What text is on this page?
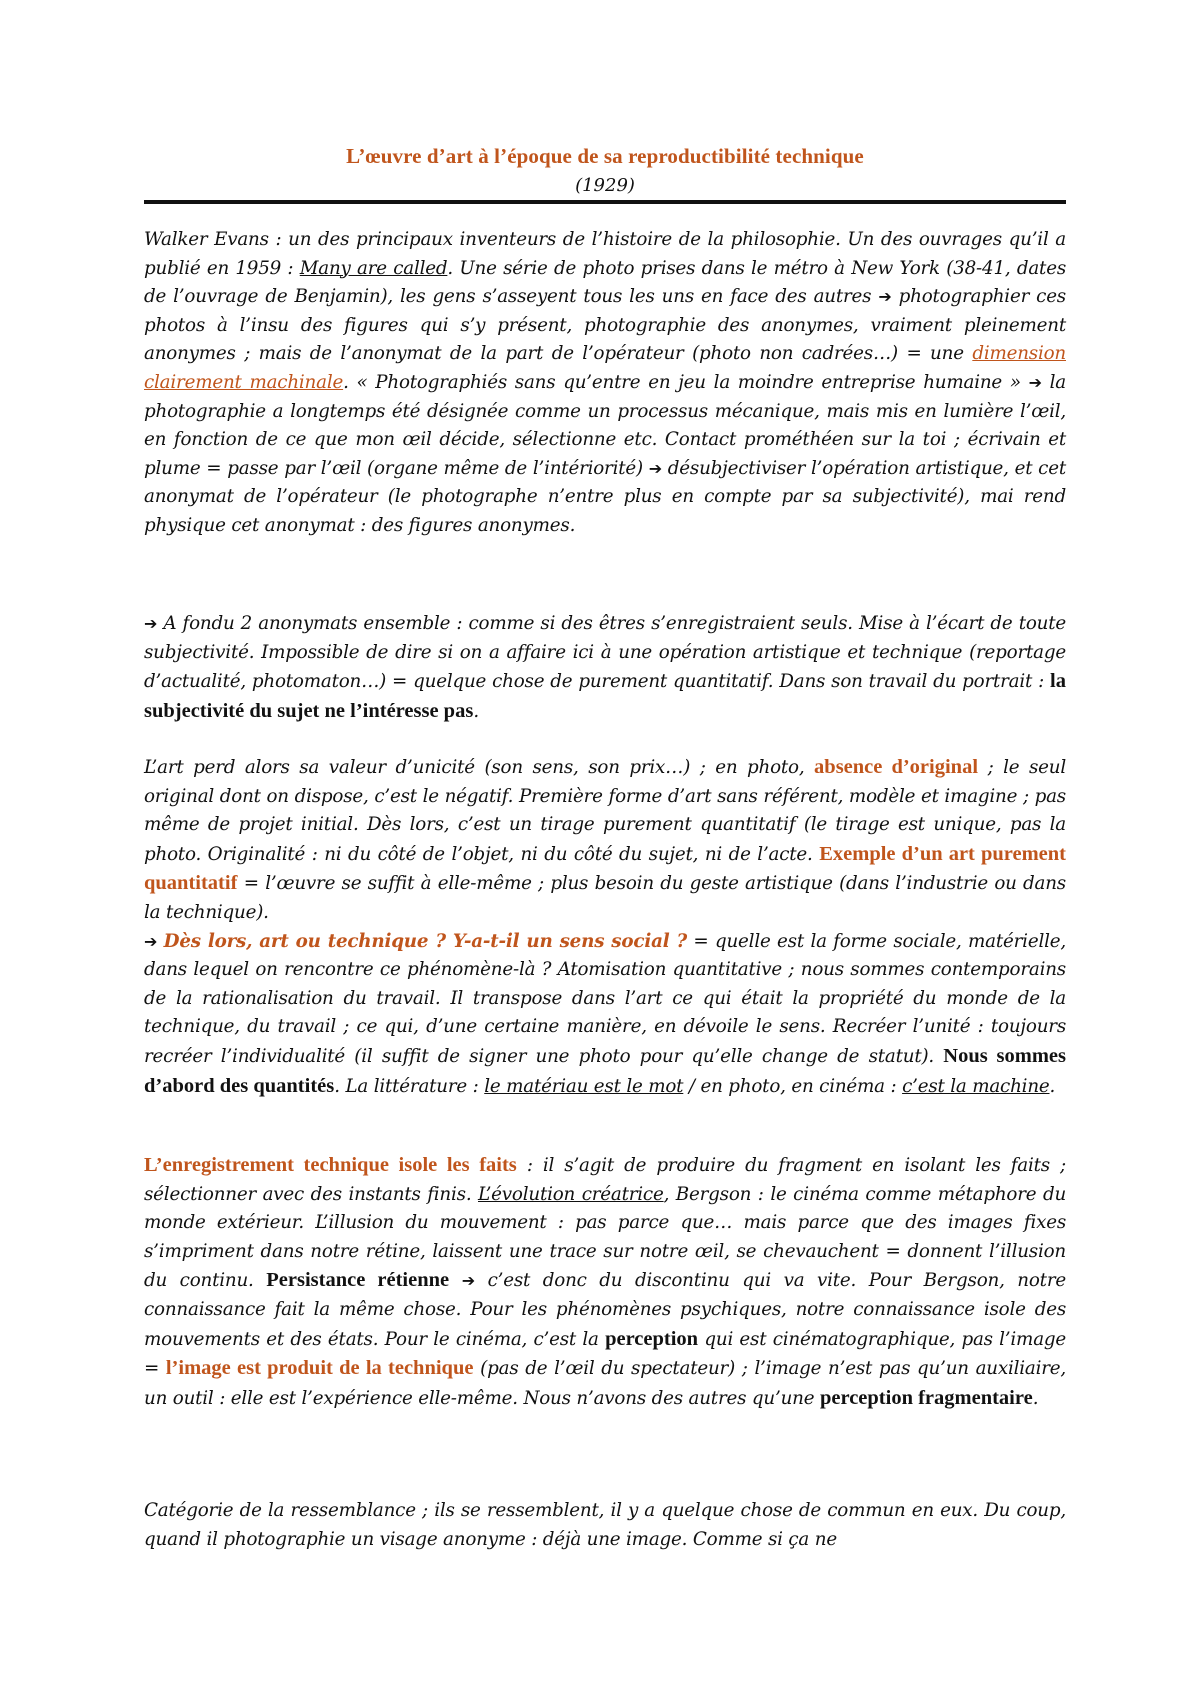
L’œuvre d’art à l’époque de sa reproductibilité technique
(1929)

Walker Evans : un des principaux inventeurs de l’histoire de la philosophie. Un des ouvrages qu’il a publié en 1959 : Many are called. Une série de photo prises dans le métro à New York (38-41, dates de l’ouvrage de Benjamin), les gens s’asseyent tous les uns en face des autres ➔ photographier ces photos à l’insu des figures qui s’y présent, photographie des anonymes, vraiment pleinement anonymes ; mais de l’anonymat de la part de l’opérateur (photo non cadrées…) = une dimension clairement machinale. « Photographiés sans qu’entre en jeu la moindre entreprise humaine » ➔ la photographie a longtemps été désignée comme un processus mécanique, mais mis en lumière l’œil, en fonction de ce que mon œil décide, sélectionne etc. Contact prométhéen sur la toi ; écrivain et plume = passe par l’œil (organe même de l’intériorité) ➔ désubjectiviser l’opération artistique, et cet anonymat de l’opérateur (le photographe n’entre plus en compte par sa subjectivité), mai rend physique cet anonymat : des figures anonymes.

➔ A fondu 2 anonymats ensemble : comme si des êtres s’enregistraient seuls. Mise à l’écart de toute subjectivité. Impossible de dire si on a affaire ici à une opération artistique et technique (reportage d’actualité, photomaton…) = quelque chose de purement quantitatif. Dans son travail du portrait : la subjectivité du sujet ne l’intéresse pas.

L’art perd alors sa valeur d’unicité (son sens, son prix…) ; en photo, absence d’original ; le seul original dont on dispose, c’est le négatif. Première forme d’art sans référent, modèle et imagine ; pas même de projet initial. Dès lors, c’est un tirage purement quantitatif (le tirage est unique, pas la photo. Originalité : ni du côté de l’objet, ni du côté du sujet, ni de l’acte. Exemple d’un art purement quantitatif = l’œuvre se suffit à elle-même ; plus besoin du geste artistique (dans l’industrie ou dans la technique).
➔ Dès lors, art ou technique ? Y-a-t-il un sens social ? = quelle est la forme sociale, matérielle, dans lequel on rencontre ce phénomène-là ? Atomisation quantitative ; nous sommes contemporains de la rationalisation du travail. Il transpose dans l’art ce qui était la propriété du monde de la technique, du travail ; ce qui, d’une certaine manière, en dévoile le sens. Recréer l’unité : toujours recréer l’individualité (il suffit de signer une photo pour qu’elle change de statut). Nous sommes d’abord des quantités. La littérature : le matériau est le mot / en photo, en cinéma : c’est la machine.

L’enregistrement technique isole les faits : il s’agit de produire du fragment en isolant les faits ; sélectionner avec des instants finis. L’évolution créatrice, Bergson : le cinéma comme métaphore du monde extérieur. L’illusion du mouvement : pas parce que… mais parce que des images fixes s’impriment dans notre rétine, laissent une trace sur notre œil, se chevauchent = donnent l’illusion du continu. Persistance rétienne ➔ c’est donc du discontinu qui va vite. Pour Bergson, notre connaissance fait la même chose. Pour les phénomènes psychiques, notre connaissance isole des mouvements et des états. Pour le cinéma, c’est la perception qui est cinématographique, pas l’image = l’image est produit de la technique (pas de l’œil du spectateur) ; l’image n’est pas qu’un auxiliaire, un outil : elle est l’expérience elle-même. Nous n’avons des autres qu’une perception fragmentaire.

Catégorie de la ressemblance ; ils se ressemblent, il y a quelque chose de commun en eux. Du coup, quand il photographie un visage anonyme : déjà une image. Comme si ça ne
